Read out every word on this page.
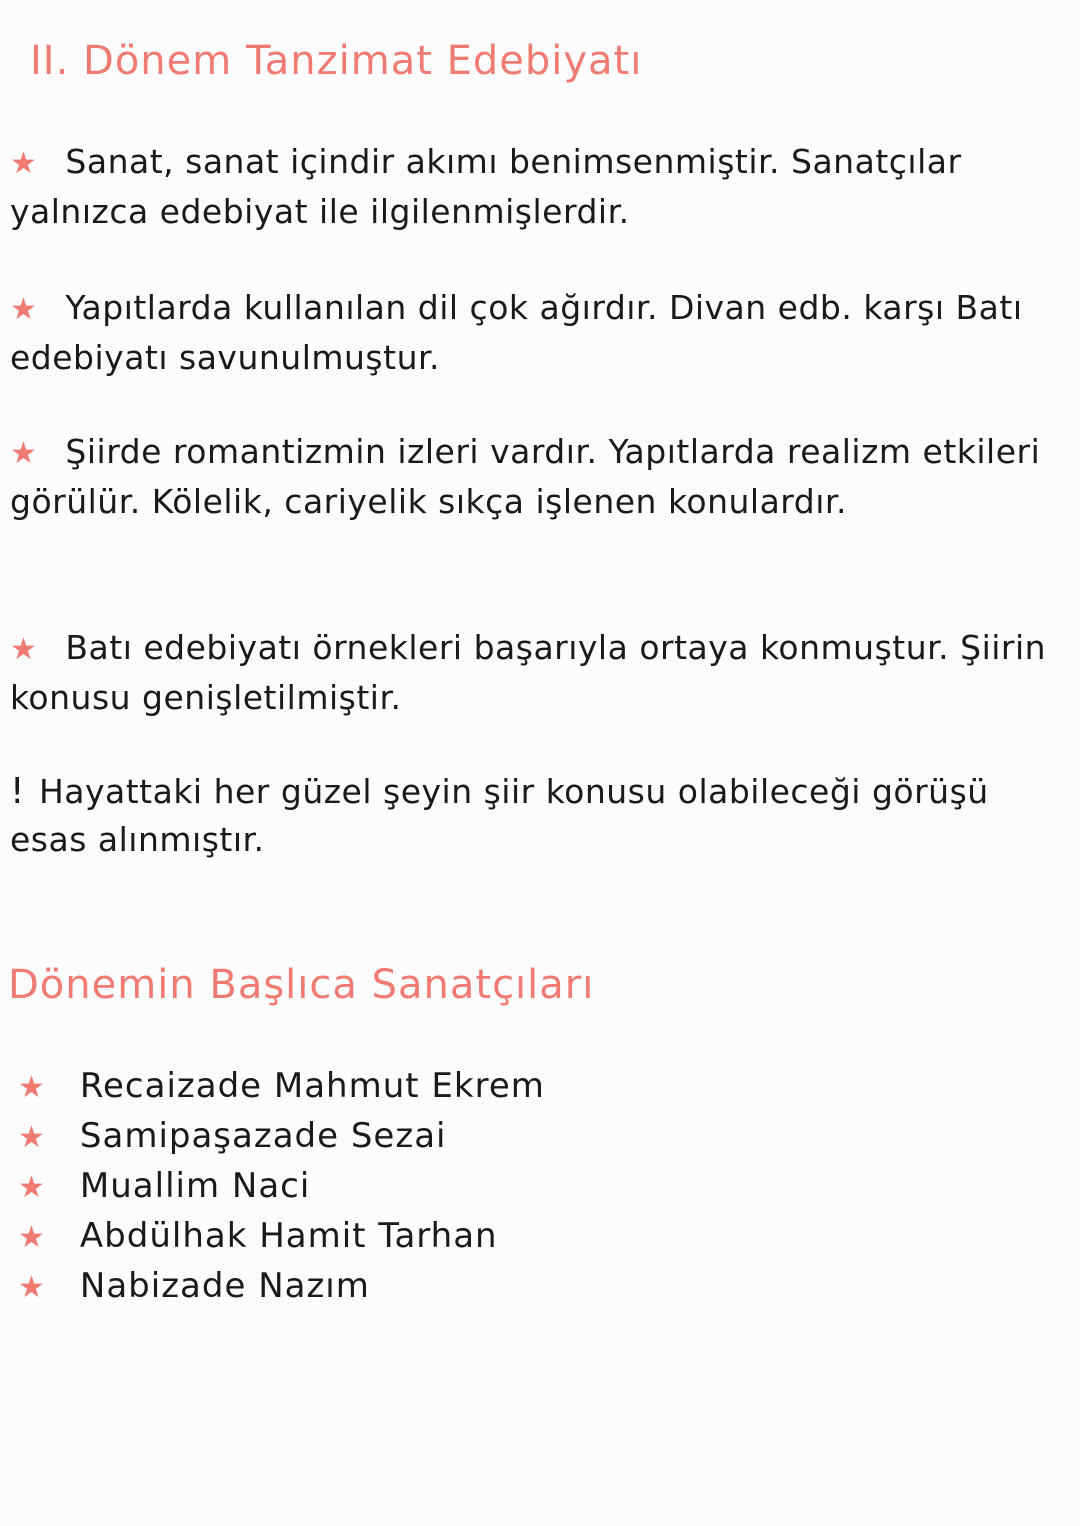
II. Dönem Tanzimat Edebiyatı
★ Sanat, sanat içindir akımı benimsenmiştir. Sanatçılar yalnızca edebiyat ile ilgilenmişlerdir.
★ Yapıtlarda kullanılan dil çok ağırdır. Divan edb. karşı Batı edebiyatı savunulmuştur.
★ Şiirde romantizmin izleri vardır. Yapıtlarda realizm etkileri görülür. Kölelik, cariyelik sıkça işlenen konulardır.
★ Batı edebiyatı örnekleri başarıyla ortaya konmuştur. Şiirin konusu genişletilmiştir.
! Hayattaki her güzel şeyin şiir konusu olabileceği görüşü esas alınmıştır.
Dönemin Başlıca Sanatçıları
★ Recaizade Mahmut Ekrem
★ Samipaşazade Sezai
★ Muallim Naci
★ Abdülhak Hamit Tarhan
★ Nabizade Nazım
